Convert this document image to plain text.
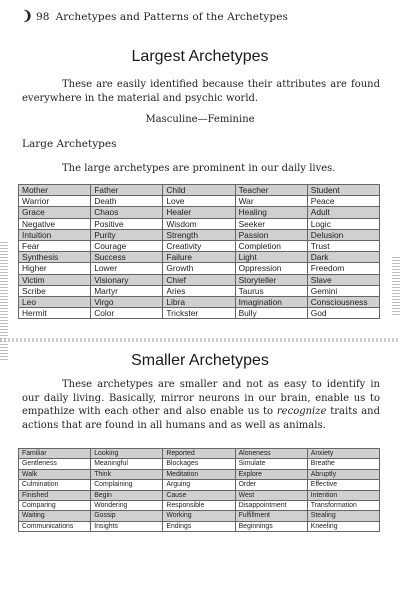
❩ 98 Archetypes and Patterns of the Archetypes
Largest Archetypes

These are easily identified because their attributes are found everywhere in the material and psychic world.

Masculine—Feminine
Large Archetypes
The large archetypes are prominent in our daily lives.
Mother	Father	Child	Teacher	Student
Warrior	Death	Love	War	Peace
Grace	Chaos	Healer	Healing	Adult
Negative	Positive	Wisdom	Seeker	Logic
Intuition	Purity	Strength	Passion	Delusion
Fear	Courage	Creativity	Completion	Trust
Synthesis	Success	Failure	Light	Dark
Higher	Lower	Growth	Oppression	Freedom
Victim	Visionary	Chief	Storyteller	Slave
Scribe	Martyr	Aries	Taurus	Gemini
Leo	Virgo	Libra	Imagination	Consciousness
Hermit	Color	Trickster	Bully	God
Smaller Archetypes

These archetypes are smaller and not as easy to identify in our daily living. Basically, mirror neurons in our brain, enable us to empathize with each other and also enable us to recognize traits and actions that are found in all humans and as well as animals.

Familiar	Looking	Reported	Aloneness	Anxiety
Gentleness	Meaningful	Blockages	Simulate	Breathe
Walk	Think	Meditation	Explore	Abruptly
Culmination	Complaining	Arguing	Order	Effective
Finished	Begin	Cause	West	Intention
Comparing	Wondering	Responsible	Disappointment	Transformation
Waiting	Gossip	Working	Fulfillment	Stealing
Communications	Insights	Endings	Beginnings	Kneeling
